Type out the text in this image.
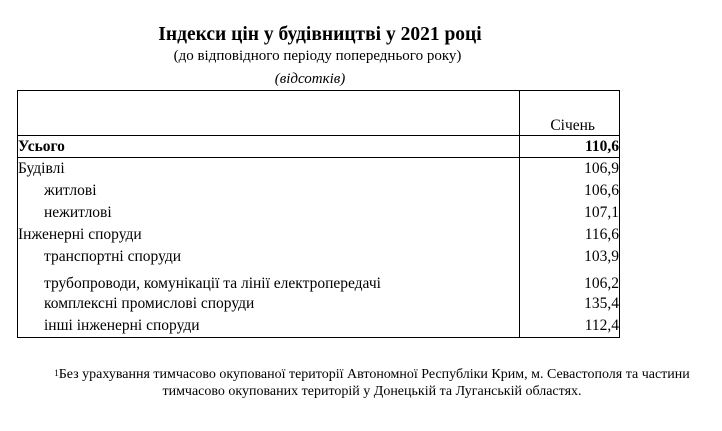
Індекси цін у будівництві у 2021 році
(до відповідного періоду попереднього року)
(відсотків)
	Січень
Усього	110,6
Будівлі	106,9
житлові	106,6
нежитлові	107,1
Інженерні споруди	116,6
транспортні споруди	103,9
трубопроводи, комунікації та лінії електропередачі	106,2
комплексні промислові споруди	135,4
інші інженерні споруди	112,4
$^1$Без урахування тимчасово окупованої території Автономної Республіки Крим, м. Севастополя та частини тимчасово окупованих територій у Донецькій та Луганській областях.
